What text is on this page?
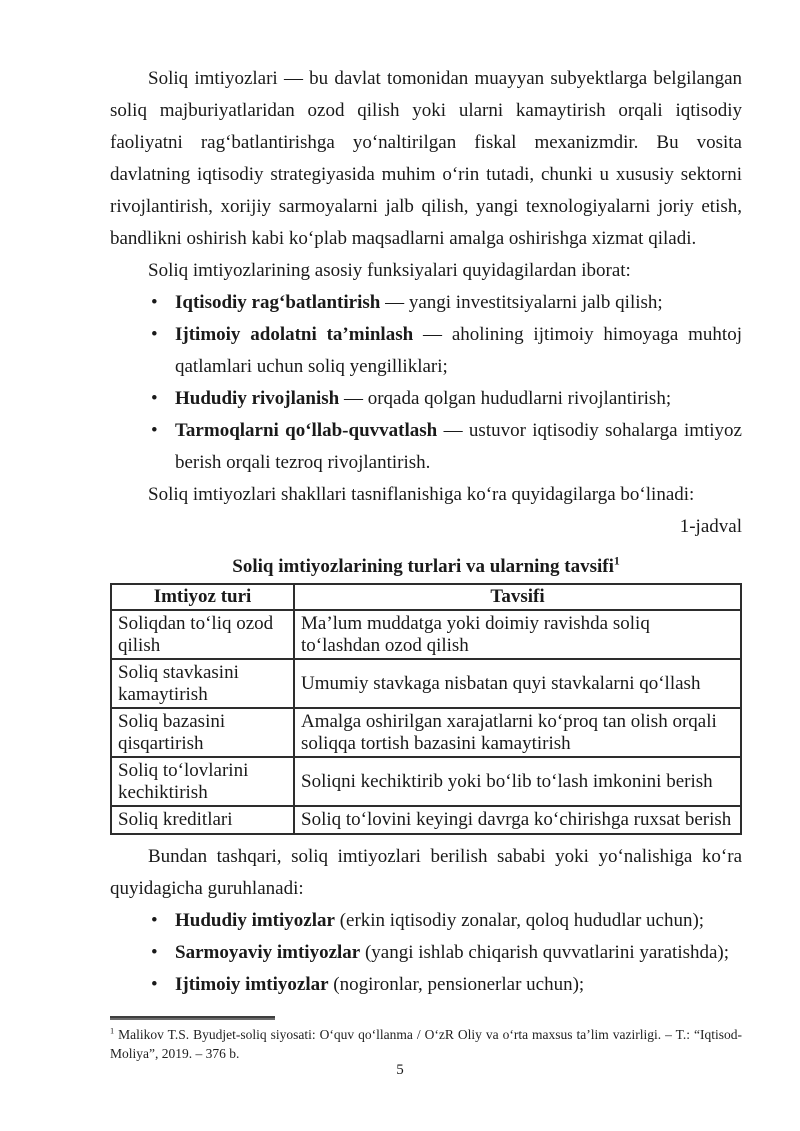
Soliq imtiyozlari — bu davlat tomonidan muayyan subyektlarga belgilangan soliq majburiyatlaridan ozod qilish yoki ularni kamaytirish orqali iqtisodiy faoliyatni rag‘batlantirishga yo‘naltirilgan fiskal mexanizmdir. Bu vosita davlatning iqtisodiy strategiyasida muhim o‘rin tutadi, chunki u xususiy sektorni rivojlantirish, xorijiy sarmoyalarni jalb qilish, yangi texnologiyalarni joriy etish, bandlikni oshirish kabi ko‘plab maqsadlarni amalga oshirishga xizmat qiladi.

Soliq imtiyozlarining asosiy funksiyalari quyidagilardan iborat:

• Iqtisodiy rag‘batlantirish — yangi investitsiyalarni jalb qilish;
• Ijtimoiy adolatni ta’minlash — aholining ijtimoiy himoyaga muhtoj qatlamlari uchun soliq yengilliklari;
• Hududiy rivojlanish — orqada qolgan hududlarni rivojlantirish;
• Tarmoqlarni qo‘llab-quvvatlash — ustuvor iqtisodiy sohalarga imtiyoz berish orqali tezroq rivojlantirish.

Soliq imtiyozlari shakllari tasniflanishiga ko‘ra quyidagilarga bo‘linadi:

1-jadval
Soliq imtiyozlarining turlari va ularning tavsifi$^1$
Imtiyoz turi	Tavsifi
Soliqdan to‘liq ozod qilish	Ma’lum muddatga yoki doimiy ravishda soliq to‘lashdan ozod qilish
Soliq stavkasini kamaytirish	Umumiy stavkaga nisbatan quyi stavkalarni qo‘llash
Soliq bazasini qisqartirish	Amalga oshirilgan xarajatlarni ko‘proq tan olish orqali soliqqa tortish bazasini kamaytirish
Soliq to‘lovlarini kechiktirish	Soliqni kechiktirib yoki bo‘lib to‘lash imkonini berish
Soliq kreditlari	Soliq to‘lovini keyingi davrga ko‘chirishga ruxsat berish

Bundan tashqari, soliq imtiyozlari berilish sababi yoki yo‘nalishiga ko‘ra quyidagicha guruhlanadi:

• Hududiy imtiyozlar (erkin iqtisodiy zonalar, qoloq hududlar uchun);
• Sarmoyaviy imtiyozlar (yangi ishlab chiqarish quvvatlarini yaratishda);
• Ijtimoiy imtiyozlar (nogironlar, pensionerlar uchun);

$^1$ Malikov T.S. Byudjet-soliq siyosati: O‘quv qo‘llanma / O‘zR Oliy va o‘rta maxsus ta’lim vazirligi. – T.: “Iqtisod-Moliya”, 2019. – 376 b.

5
